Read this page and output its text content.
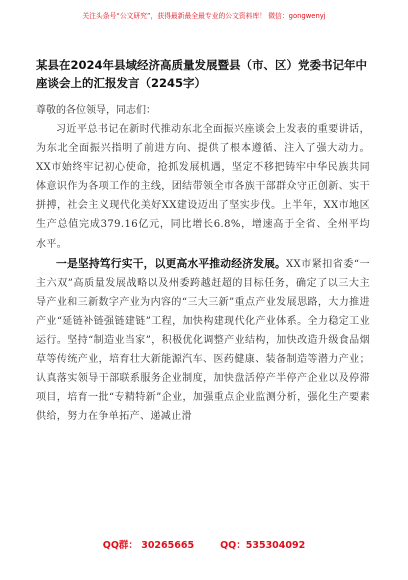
关注头条号“公文研究”，获得最新最全最专业的公文资料库！ 微信：gongwenyj
某县在2024年县域经济高质量发展暨县（市、区）党委书记年中座谈会上的汇报发言（2245字）
尊敬的各位领导，同志们：

习近平总书记在新时代推动东北全面振兴座谈会上发表的重要讲话，为东北全面振兴指明了前进方向、提供了根本遵循、注入了强大动力。XX市始终牢记初心使命，抢抓发展机遇，坚定不移把铸牢中华民族共同体意识作为各项工作的主线，团结带领全市各族干部群众守正创新、实干拼搏，社会主义现代化美好XX建设迈出了坚实步伐。上半年，XX市地区生产总值完成379.16亿元，同比增长6.8%，增速高于全省、全州平均水平。

一是坚持笃行实干，以更高水平推动经济发展。XX市紧扣省委“一主六双”高质量发展战略以及州委跨越赶超的目标任务，确定了以三大主导产业和三新数字产业为内容的“三大三新”重点产业发展思路，大力推进产业“延链补链强链建链”工程，加快构建现代化产业体系。全力稳定工业运行。坚持“制造业当家”，积极优化调整产业结构，加快改造升级食品烟草等传统产业，培育壮大新能源汽车、医药健康、装备制造等潜力产业；认真落实领导干部联系服务企业制度，加快盘活停产半停产企业以及停滞项目，培育一批“专精特新”企业，加强重点企业监测分析，强化生产要素供给，努力在争单拓产、递减止滑

QQ群： 30265665	QQ：535304092
